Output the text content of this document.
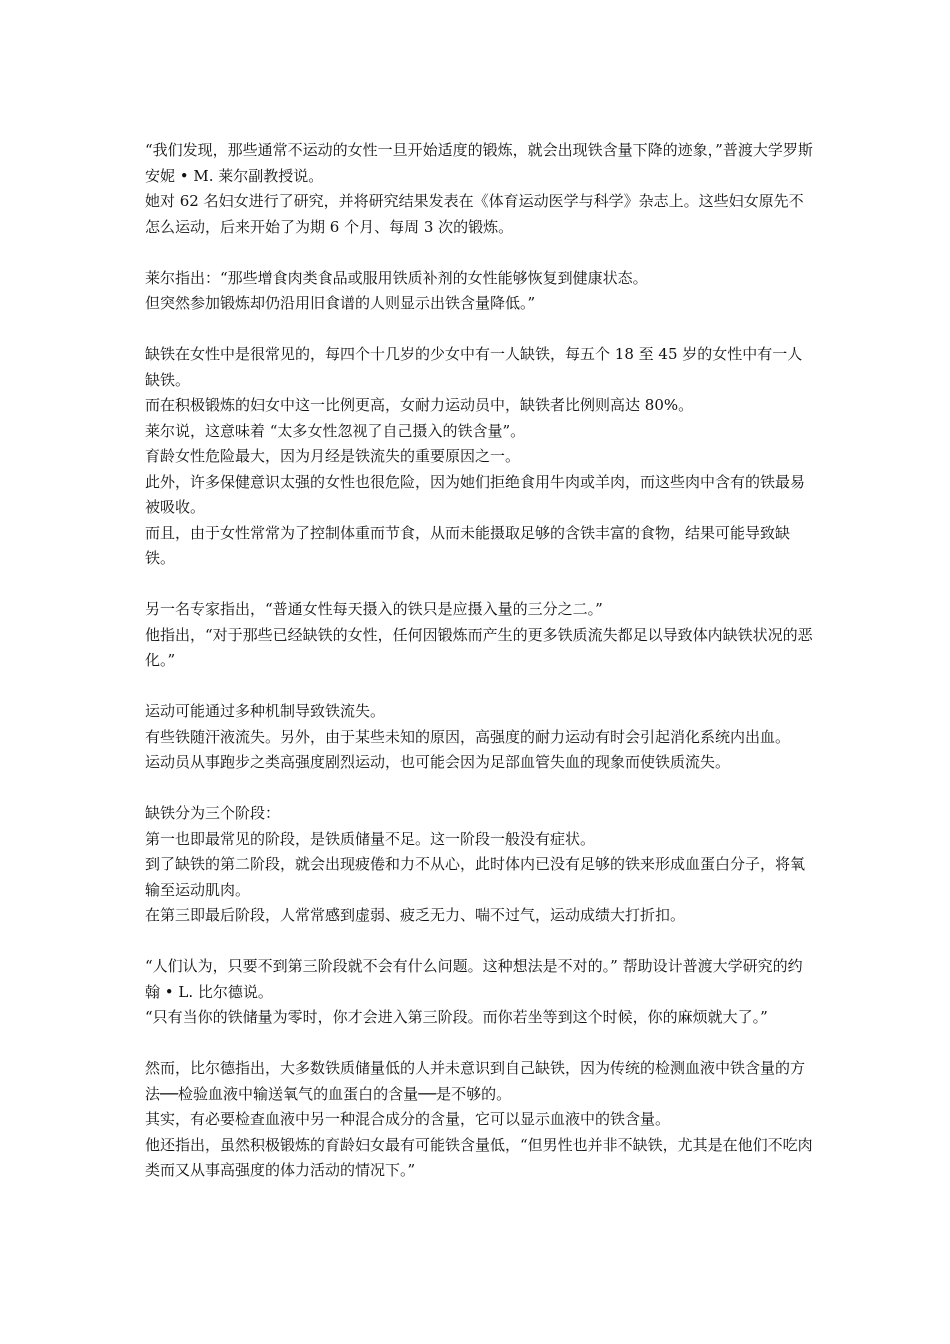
“我们发现，那些通常不运动的女性一旦开始适度的锻炼，就会出现铁含量下降的迹象，”普渡大学罗斯安妮 • M. 莱尔副教授说。

她对 62 名妇女进行了研究，并将研究结果发表在《体育运动医学与科学》杂志上。这些妇女原先不怎么运动，后来开始了为期 6 个月、每周 3 次的锻炼。

莱尔指出：“那些增食肉类食品或服用铁质补剂的女性能够恢复到健康状态。

但突然参加锻炼却仍沿用旧食谱的人则显示出铁含量降低。”

缺铁在女性中是很常见的，每四个十几岁的少女中有一人缺铁，每五个 18 至 45 岁的女性中有一人缺铁。

而在积极锻炼的妇女中这一比例更高，女耐力运动员中，缺铁者比例则高达 80%。

莱尔说，这意味着 “太多女性忽视了自己摄入的铁含量”。

育龄女性危险最大，因为月经是铁流失的重要原因之一。

此外，许多保健意识太强的女性也很危险，因为她们拒绝食用牛肉或羊肉，而这些肉中含有的铁最易被吸收。

而且，由于女性常常为了控制体重而节食，从而未能摄取足够的含铁丰富的食物，结果可能导致缺铁。

另一名专家指出，“普通女性每天摄入的铁只是应摄入量的三分之二。”

他指出，“对于那些已经缺铁的女性，任何因锻炼而产生的更多铁质流失都足以导致体内缺铁状况的恶化。”

运动可能通过多种机制导致铁流失。

有些铁随汗液流失。另外，由于某些未知的原因，高强度的耐力运动有时会引起消化系统内出血。

运动员从事跑步之类高强度剧烈运动，也可能会因为足部血管失血的现象而使铁质流失。

缺铁分为三个阶段：

第一也即最常见的阶段，是铁质储量不足。这一阶段一般没有症状。

到了缺铁的第二阶段，就会出现疲倦和力不从心，此时体内已没有足够的铁来形成血蛋白分子，将氧输至运动肌肉。

在第三即最后阶段，人常常感到虚弱、疲乏无力、喘不过气，运动成绩大打折扣。

“人们认为，只要不到第三阶段就不会有什么问题。这种想法是不对的。” 帮助设计普渡大学研究的约翰 • L. 比尔德说。

“只有当你的铁储量为零时，你才会进入第三阶段。而你若坐等到这个时候，你的麻烦就大了。”

然而，比尔德指出，大多数铁质储量低的人并未意识到自己缺铁，因为传统的检测血液中铁含量的方法──检验血液中输送氧气的血蛋白的含量──是不够的。

其实，有必要检查血液中另一种混合成分的含量，它可以显示血液中的铁含量。

他还指出，虽然积极锻炼的育龄妇女最有可能铁含量低，“但男性也并非不缺铁，尤其是在他们不吃肉类而又从事高强度的体力活动的情况下。”
